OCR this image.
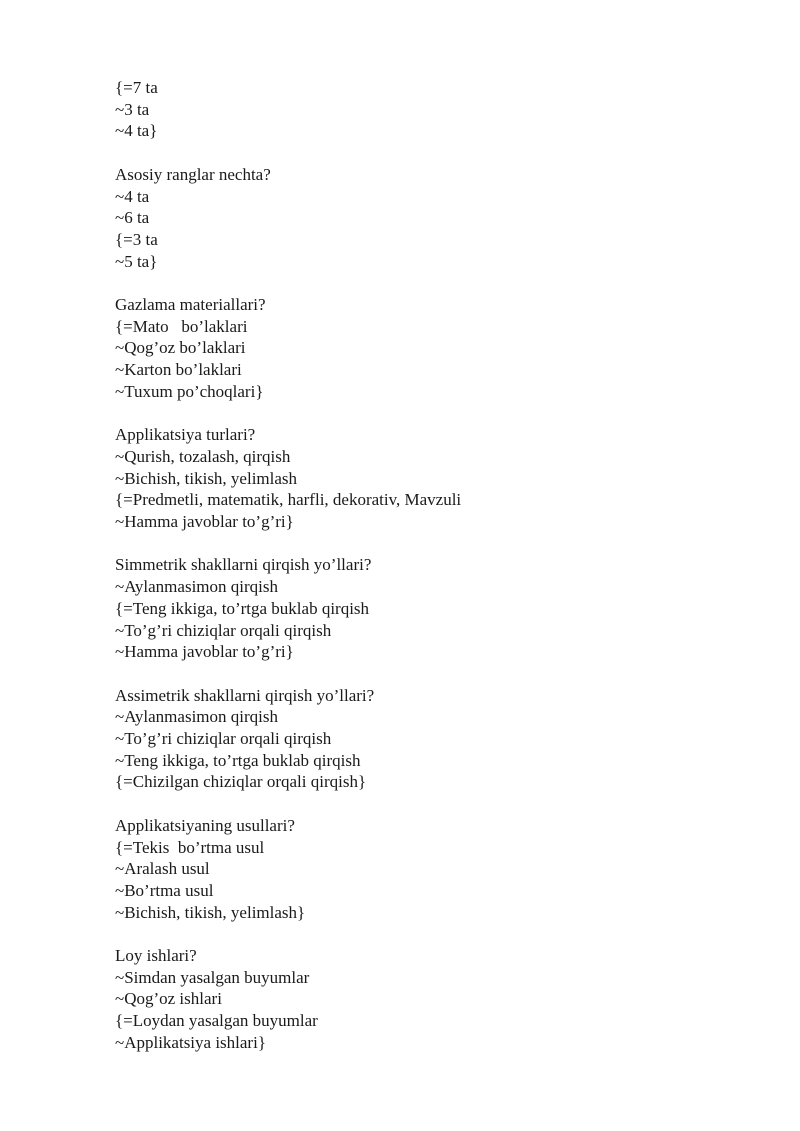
{=7 ta
~3 ta
~4 ta}
Asosiy ranglar nechta?
~4 ta
~6 ta
{=3 ta
~5 ta}
Gazlama materiallari?
{=Mato   bo’laklari
~Qog’oz bo’laklari
~Karton bo’laklari
~Tuxum po’choqlari}
Applikatsiya turlari?
~Qurish, tozalash, qirqish
~Bichish, tikish, yelimlash
{=Predmetli, matematik, harfli, dekorativ, Mavzuli
~Hamma javoblar to’g’ri}
Simmetrik shakllarni qirqish yo’llari?
~Aylanmasimon qirqish
{=Teng ikkiga, to’rtga buklab qirqish
~To’g’ri chiziqlar orqali qirqish
~Hamma javoblar to’g’ri}
Assimetrik shakllarni qirqish yo’llari?
~Aylanmasimon qirqish
~To’g’ri chiziqlar orqali qirqish
~Teng ikkiga, to’rtga buklab qirqish
{=Chizilgan chiziqlar orqali qirqish}
Applikatsiyaning usullari?
{=Tekis  bo’rtma usul
~Aralash usul
~Bo’rtma usul
~Bichish, tikish, yelimlash}
Loy ishlari?
~Simdan yasalgan buyumlar
~Qog’oz ishlari
{=Loydan yasalgan buyumlar
~Applikatsiya ishlari}
